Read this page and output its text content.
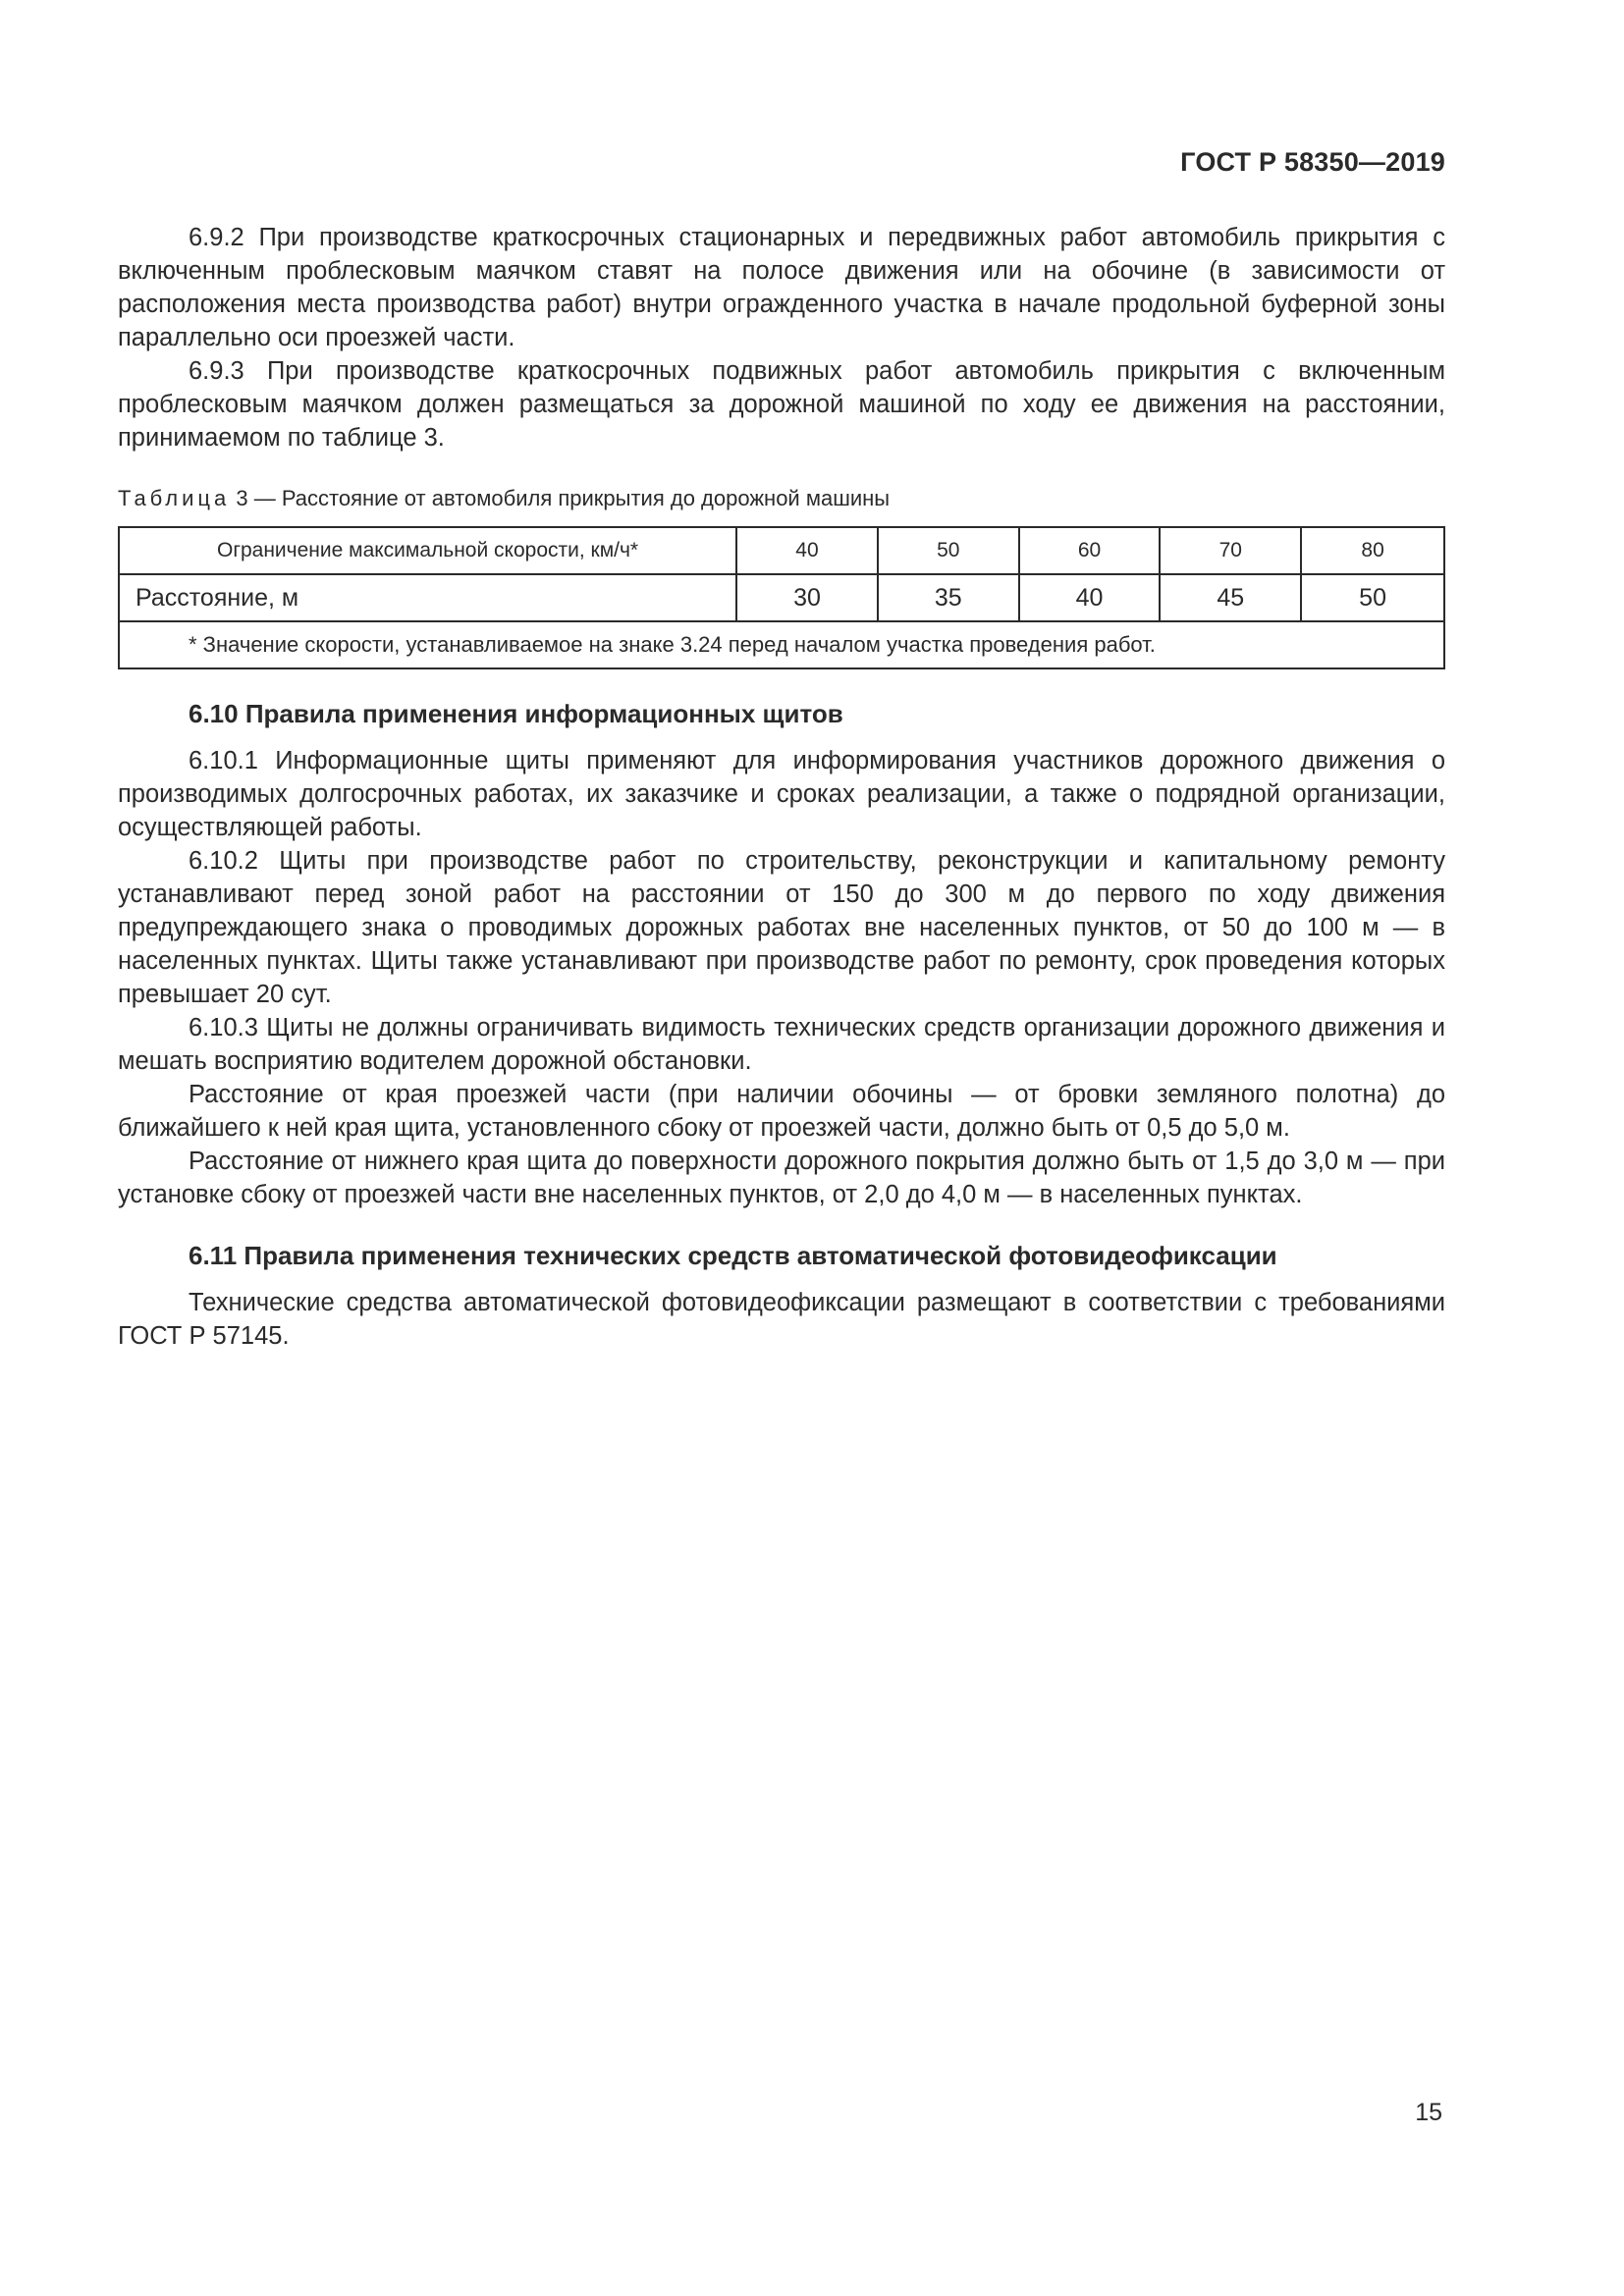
ГОСТ Р 58350—2019

6.9.2 При производстве краткосрочных стационарных и передвижных работ автомобиль прикрытия с включенным проблесковым маячком ставят на полосе движения или на обочине (в зависимости от расположения места производства работ) внутри огражденного участка в начале продольной буферной зоны параллельно оси проезжей части.

6.9.3 При производстве краткосрочных подвижных работ автомобиль прикрытия с включенным проблесковым маячком должен размещаться за дорожной машиной по ходу ее движения на расстоянии, принимаемом по таблице 3.

Таблица 3 — Расстояние от автомобиля прикрытия до дорожной машины

Ограничение максимальной скорости, км/ч*	40	50	60	70	80
Расстояние, м	30	35	40	45	50
* Значение скорости, устанавливаемое на знаке 3.24 перед началом участка проведения работ.					

6.10 Правила применения информационных щитов

6.10.1 Информационные щиты применяют для информирования участников дорожного движения о производимых долгосрочных работах, их заказчике и сроках реализации, а также о подрядной организации, осуществляющей работы.

6.10.2 Щиты при производстве работ по строительству, реконструкции и капитальному ремонту устанавливают перед зоной работ на расстоянии от 150 до 300 м до первого по ходу движения предупреждающего знака о проводимых дорожных работах вне населенных пунктов, от 50 до 100 м — в населенных пунктах. Щиты также устанавливают при производстве работ по ремонту, срок проведения которых превышает 20 сут.

6.10.3 Щиты не должны ограничивать видимость технических средств организации дорожного движения и мешать восприятию водителем дорожной обстановки.

Расстояние от края проезжей части (при наличии обочины — от бровки земляного полотна) до ближайшего к ней края щита, установленного сбоку от проезжей части, должно быть от 0,5 до 5,0 м.

Расстояние от нижнего края щита до поверхности дорожного покрытия должно быть от 1,5 до 3,0 м — при установке сбоку от проезжей части вне населенных пунктов, от 2,0 до 4,0 м — в населенных пунктах.

6.11 Правила применения технических средств автоматической фотовидеофиксации

Технические средства автоматической фотовидеофиксации размещают в соответствии с требованиями ГОСТ Р 57145.

15
